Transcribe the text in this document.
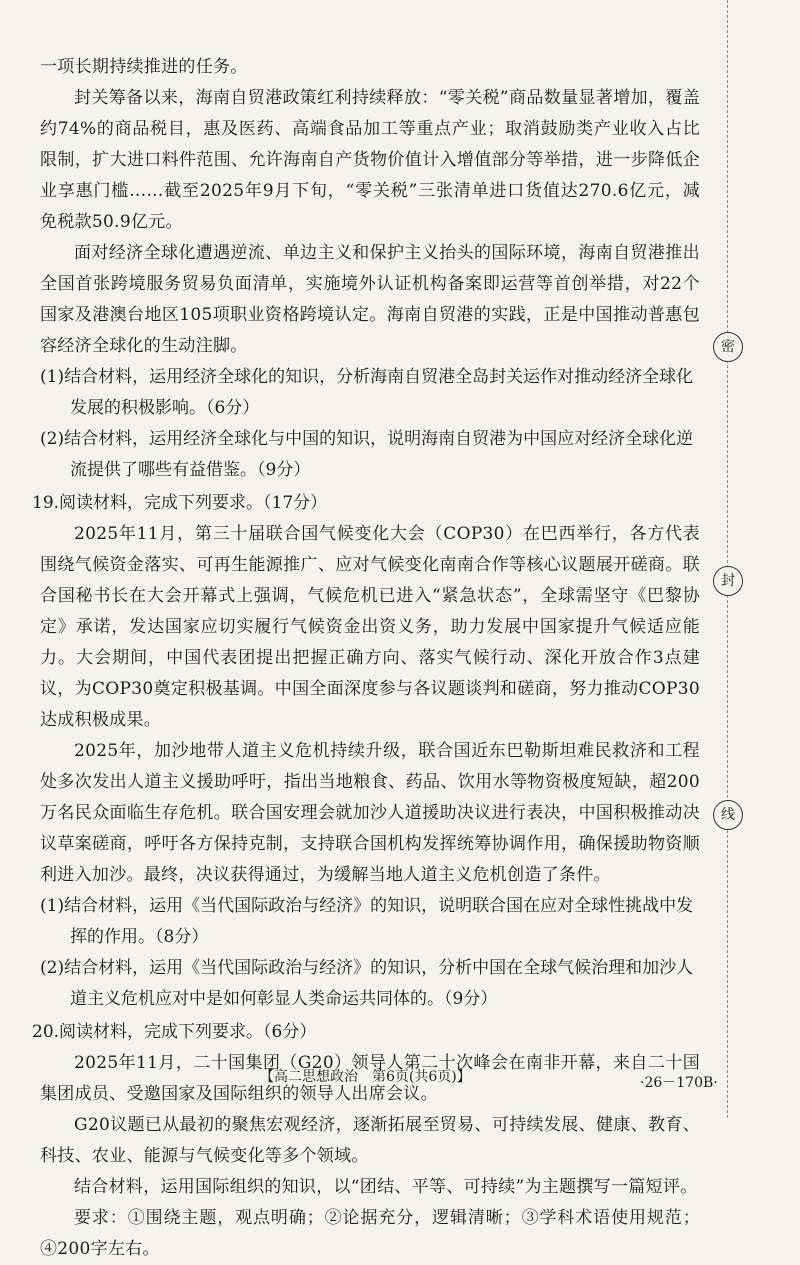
密
封
线

一项长期持续推进的任务。

封关筹备以来，海南自贸港政策红利持续释放：“零关税”商品数量显著增加，覆盖约74%的商品税目，惠及医药、高端食品加工等重点产业；取消鼓励类产业收入占比限制，扩大进口料件范围、允许海南自产货物价值计入增值部分等举措，进一步降低企业享惠门槛……截至2025年9月下旬，“零关税”三张清单进口货值达270.6亿元，减免税款50.9亿元。

面对经济全球化遭遇逆流、单边主义和保护主义抬头的国际环境，海南自贸港推出全国首张跨境服务贸易负面清单，实施境外认证机构备案即运营等首创举措，对22个国家及港澳台地区105项职业资格跨境认定。海南自贸港的实践，正是中国推动普惠包容经济全球化的生动注脚。

(1)结合材料，运用经济全球化的知识，分析海南自贸港全岛封关运作对推动经济全球化发展的积极影响。（6分）

(2)结合材料，运用经济全球化与中国的知识，说明海南自贸港为中国应对经济全球化逆流提供了哪些有益借鉴。（9分）

19.阅读材料，完成下列要求。（17分）

2025年11月，第三十届联合国气候变化大会（COP30）在巴西举行，各方代表围绕气候资金落实、可再生能源推广、应对气候变化南南合作等核心议题展开磋商。联合国秘书长在大会开幕式上强调，气候危机已进入“紧急状态”，全球需坚守《巴黎协定》承诺，发达国家应切实履行气候资金出资义务，助力发展中国家提升气候适应能力。大会期间，中国代表团提出把握正确方向、落实气候行动、深化开放合作3点建议，为COP30奠定积极基调。中国全面深度参与各议题谈判和磋商，努力推动COP30达成积极成果。

2025年，加沙地带人道主义危机持续升级，联合国近东巴勒斯坦难民救济和工程处多次发出人道主义援助呼吁，指出当地粮食、药品、饮用水等物资极度短缺，超200万名民众面临生存危机。联合国安理会就加沙人道援助决议进行表决，中国积极推动决议草案磋商，呼吁各方保持克制，支持联合国机构发挥统筹协调作用，确保援助物资顺利进入加沙。最终，决议获得通过，为缓解当地人道主义危机创造了条件。

(1)结合材料，运用《当代国际政治与经济》的知识，说明联合国在应对全球性挑战中发挥的作用。（8分）

(2)结合材料，运用《当代国际政治与经济》的知识，分析中国在全球气候治理和加沙人道主义危机应对中是如何彰显人类命运共同体的。（9分）

20.阅读材料，完成下列要求。（6分）

2025年11月，二十国集团（G20）领导人第二十次峰会在南非开幕，来自二十国集团成员、受邀国家及国际组织的领导人出席会议。

G20议题已从最初的聚焦宏观经济，逐渐拓展至贸易、可持续发展、健康、教育、科技、农业、能源与气候变化等多个领域。

结合材料，运用国际组织的知识，以“团结、平等、可持续”为主题撰写一篇短评。

要求：①围绕主题，观点明确；②论据充分，逻辑清晰；③学科术语使用规范；④200字左右。

【高二思想政治　第6页(共6页)】	·26－170B·
